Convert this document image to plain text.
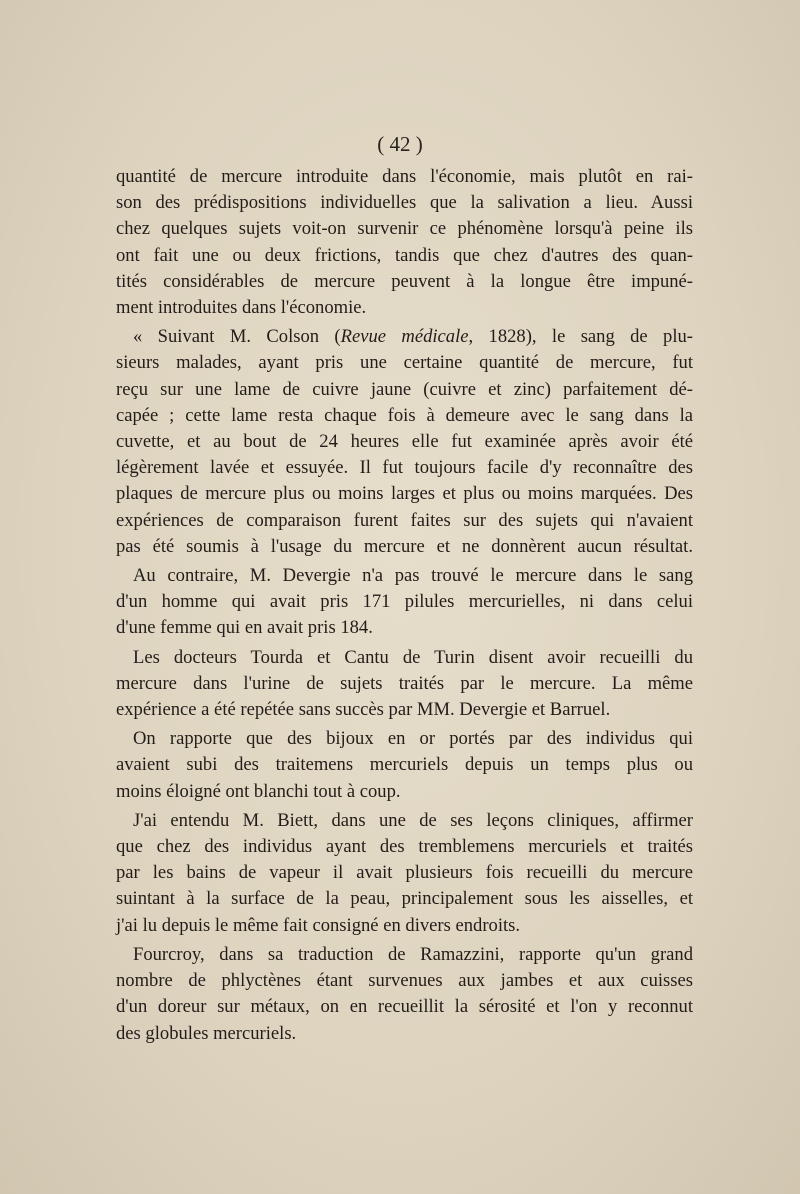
( 42 )

quantité de mercure introduite dans l'économie, mais plutôt en rai-
son des prédispositions individuelles que la salivation a lieu. Aussi
chez quelques sujets voit-on survenir ce phénomène lorsqu'à peine ils
ont fait une ou deux frictions, tandis que chez d'autres des quan-
tités considérables de mercure peuvent à la longue être impuné-
ment introduites dans l'économie.

« Suivant M. Colson (Revue médicale, 1828), le sang de plu-
sieurs malades, ayant pris une certaine quantité de mercure, fut
reçu sur une lame de cuivre jaune (cuivre et zinc) parfaitement dé-
capée ; cette lame resta chaque fois à demeure avec le sang dans la
cuvette, et au bout de 24 heures elle fut examinée après avoir été
légèrement lavée et essuyée. Il fut toujours facile d'y reconnaître des
plaques de mercure plus ou moins larges et plus ou moins marquées. Des
expériences de comparaison furent faites sur des sujets qui n'avaient
pas été soumis à l'usage du mercure et ne donnèrent aucun résultat.

Au contraire, M. Devergie n'a pas trouvé le mercure dans le sang
d'un homme qui avait pris 171 pilules mercurielles, ni dans celui
d'une femme qui en avait pris 184.

Les docteurs Tourda et Cantu de Turin disent avoir recueilli du
mercure dans l'urine de sujets traités par le mercure. La même
expérience a été repétée sans succès par MM. Devergie et Barruel.

On rapporte que des bijoux en or portés par des individus qui
avaient subi des traitemens mercuriels depuis un temps plus ou
moins éloigné ont blanchi tout à coup.

J'ai entendu M. Biett, dans une de ses leçons cliniques, affirmer
que chez des individus ayant des tremblemens mercuriels et traités
par les bains de vapeur il avait plusieurs fois recueilli du mercure
suintant à la surface de la peau, principalement sous les aisselles, et
j'ai lu depuis le même fait consigné en divers endroits.

Fourcroy, dans sa traduction de Ramazzini, rapporte qu'un grand
nombre de phlyctènes étant survenues aux jambes et aux cuisses
d'un doreur sur métaux, on en recueillit la sérosité et l'on y reconnut
des globules mercuriels.
